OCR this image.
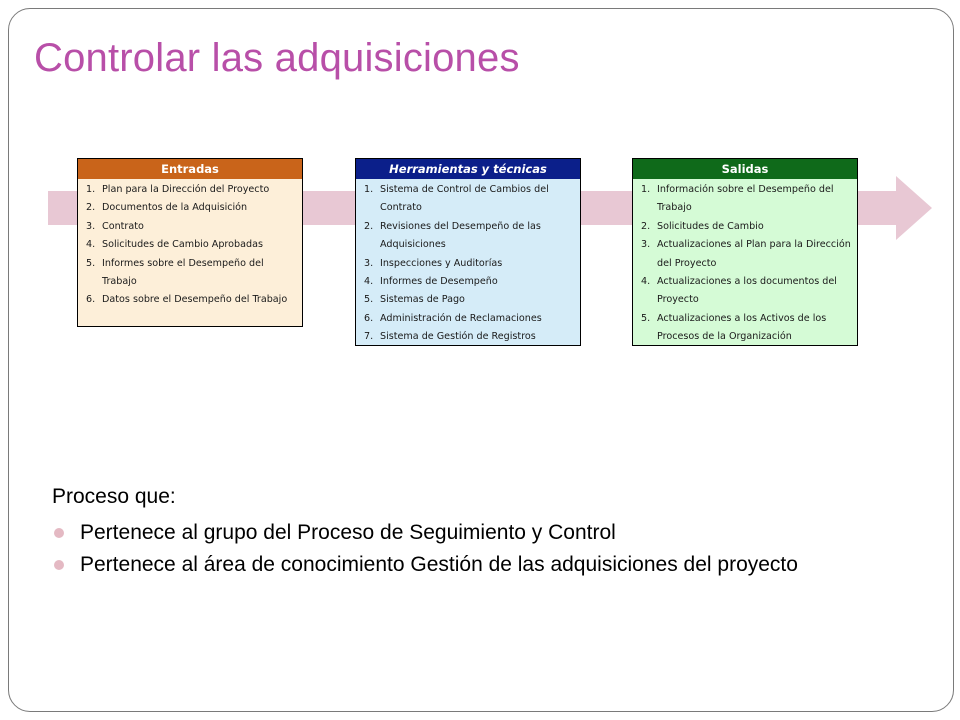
Controlar las adquisiciones
Entradas
1. Plan para la Dirección del Proyecto
2. Documentos de la Adquisición
3. Contrato
4. Solicitudes de Cambio Aprobadas
5. Informes sobre el Desempeño del Trabajo
6. Datos sobre el Desempeño del Trabajo
Herramientas y técnicas
1. Sistema de Control de Cambios del Contrato
2. Revisiones del Desempeño de las Adquisiciones
3. Inspecciones y Auditorías
4. Informes de Desempeño
5. Sistemas de Pago
6. Administración de Reclamaciones
7. Sistema de Gestión de Registros
Salidas
1. Información sobre el Desempeño del Trabajo
2. Solicitudes de Cambio
3. Actualizaciones al Plan para la Dirección del Proyecto
4. Actualizaciones a los documentos del Proyecto
5. Actualizaciones a los Activos de los Procesos de la Organización

Proceso que:

Pertenece al grupo del Proceso de Seguimiento y Control
Pertenece al área de conocimiento Gestión de las adquisiciones del proyecto
